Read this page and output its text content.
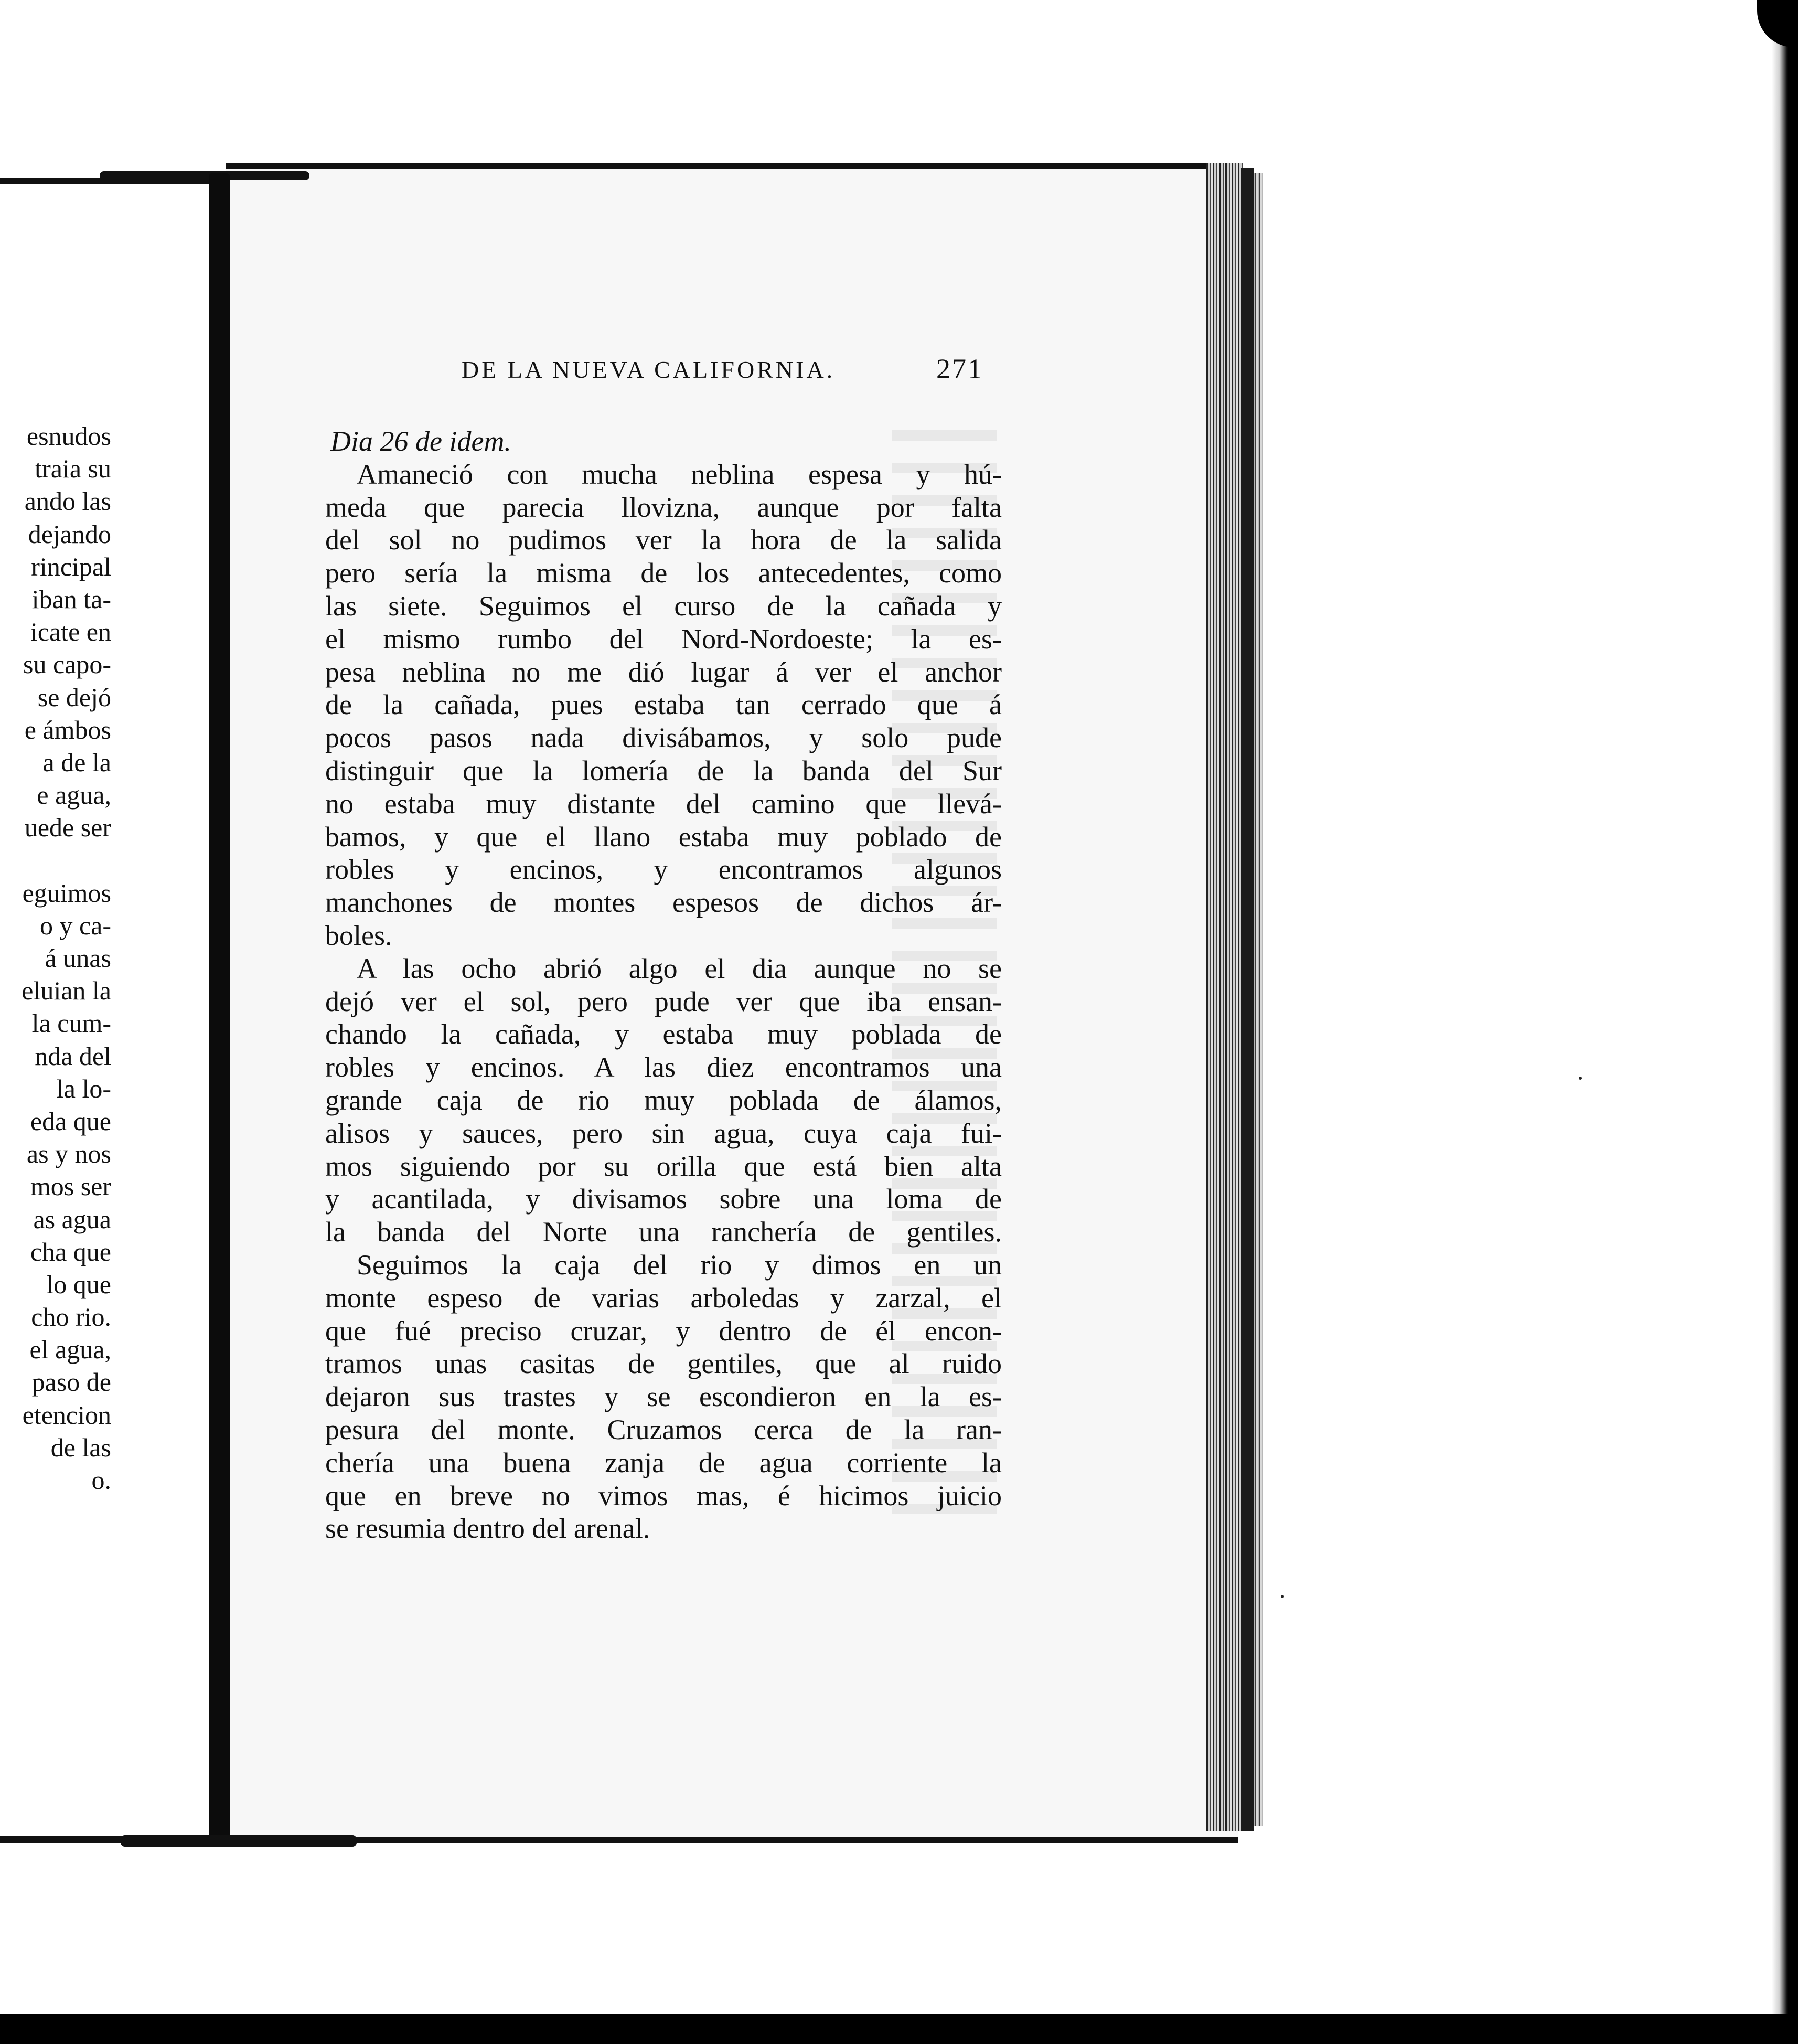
esnudos
traia su
ando las
dejando
rincipal
iban ta-
icate en
su capo-
se dejó
e ámbos
a de la
e agua,
uede ser
eguimos
o y ca-
á unas
eluian la
la cum-
nda del
la lo-
eda que
as y nos
mos ser
as agua
cha que
lo que
cho rio.
el agua,
paso de
etencion
de las
o.
DE LA NUEVA CALIFORNIA.	271
Dia 26 de idem.
Amaneció con mucha neblina espesa y hú-
meda que parecia llovizna, aunque por falta
del sol no pudimos ver la hora de la salida
pero sería la misma de los antecedentes, como
las siete. Seguimos el curso de la cañada y
el mismo rumbo del Nord-Nordoeste; la es-
pesa neblina no me dió lugar á ver el anchor
de la cañada, pues estaba tan cerrado que á
pocos pasos nada divisábamos, y solo pude
distinguir que la lomería de la banda del Sur
no estaba muy distante del camino que llevá-
bamos, y que el llano estaba muy poblado de
robles y encinos, y encontramos algunos
manchones de montes espesos de dichos ár-
boles.
A las ocho abrió algo el dia aunque no se
dejó ver el sol, pero pude ver que iba ensan-
chando la cañada, y estaba muy poblada de
robles y encinos. A las diez encontramos una
grande caja de rio muy poblada de álamos,
alisos y sauces, pero sin agua, cuya caja fui-
mos siguiendo por su orilla que está bien alta
y acantilada, y divisamos sobre una loma de
la banda del Norte una ranchería de gentiles.
Seguimos la caja del rio y dimos en un
monte espeso de varias arboledas y zarzal, el
que fué preciso cruzar, y dentro de él encon-
tramos unas casitas de gentiles, que al ruido
dejaron sus trastes y se escondieron en la es-
pesura del monte. Cruzamos cerca de la ran-
chería una buena zanja de agua corriente la
que en breve no vimos mas, é hicimos juicio
se resumia dentro del arenal.
